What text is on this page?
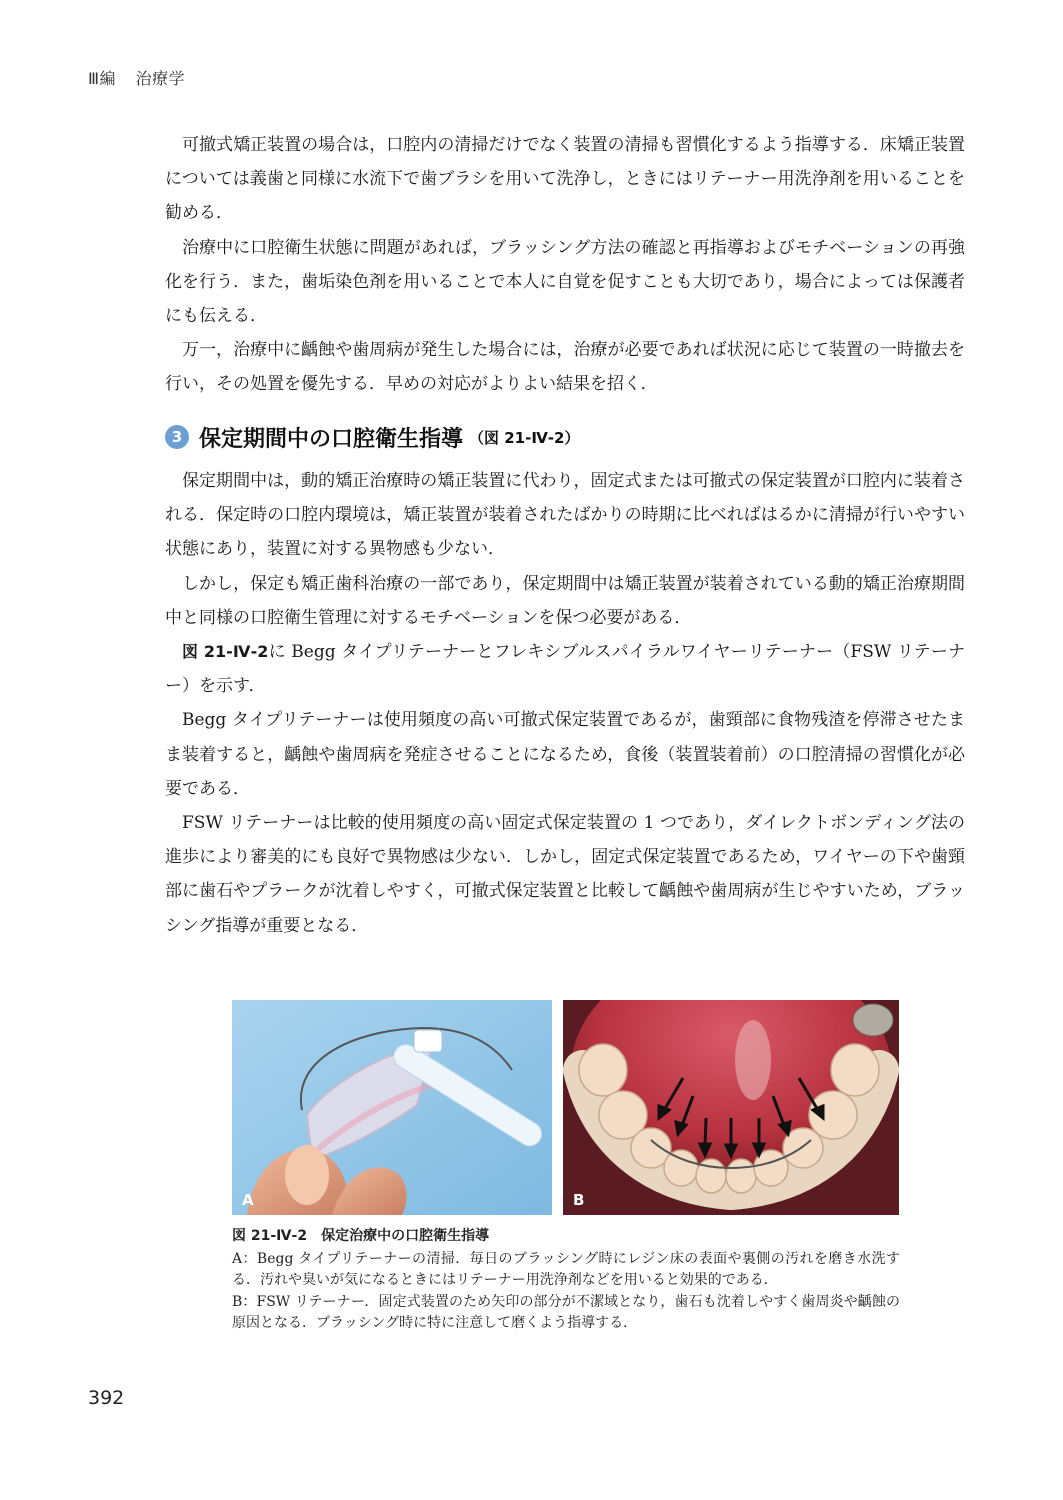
Ⅲ編 治療学

可撤式矯正装置の場合は，口腔内の清掃だけでなく装置の清掃も習慣化するよう指導する．床矯正装置については義歯と同様に水流下で歯ブラシを用いて洗浄し，ときにはリテーナー用洗浄剤を用いることを勧める．

治療中に口腔衛生状態に問題があれば，ブラッシング方法の確認と再指導およびモチベーションの再強化を行う．また，歯垢染色剤を用いることで本人に自覚を促すことも大切であり，場合によっては保護者にも伝える．

万一，治療中に齲蝕や歯周病が発生した場合には，治療が必要であれば状況に応じて装置の一時撤去を行い，その処置を優先する．早めの対応がよりよい結果を招く．

3 保定期間中の口腔衛生指導 （図 21-Ⅳ-2）

保定期間中は，動的矯正治療時の矯正装置に代わり，固定式または可撤式の保定装置が口腔内に装着される．保定時の口腔内環境は，矯正装置が装着されたばかりの時期に比べればはるかに清掃が行いやすい状態にあり，装置に対する異物感も少ない．

しかし，保定も矯正歯科治療の一部であり，保定期間中は矯正装置が装着されている動的矯正治療期間中と同様の口腔衛生管理に対するモチベーションを保つ必要がある．

図 21-Ⅳ-2に Begg タイプリテーナーとフレキシブルスパイラルワイヤーリテーナー（FSW リテーナー）を示す．

Begg タイプリテーナーは使用頻度の高い可撤式保定装置であるが，歯頸部に食物残渣を停滞させたまま装着すると，齲蝕や歯周病を発症させることになるため，食後（装置装着前）の口腔清掃の習慣化が必要である．

FSW リテーナーは比較的使用頻度の高い固定式保定装置の 1 つであり，ダイレクトボンディング法の進歩により審美的にも良好で異物感は少ない．しかし，固定式保定装置であるため，ワイヤーの下や歯頸部に歯石やプラークが沈着しやすく，可撤式保定装置と比較して齲蝕や歯周病が生じやすいため，ブラッシング指導が重要となる．

A	B
図 21-Ⅳ-2 保定治療中の口腔衛生指導

A：Begg タイプリテーナーの清掃．毎日のブラッシング時にレジン床の表面や裏側の汚れを磨き水洗する．汚れや臭いが気になるときにはリテーナー用洗浄剤などを用いると効果的である．

B：FSW リテーナー．固定式装置のため矢印の部分が不潔域となり，歯石も沈着しやすく歯周炎や齲蝕の原因となる．ブラッシング時に特に注意して磨くよう指導する．

392
